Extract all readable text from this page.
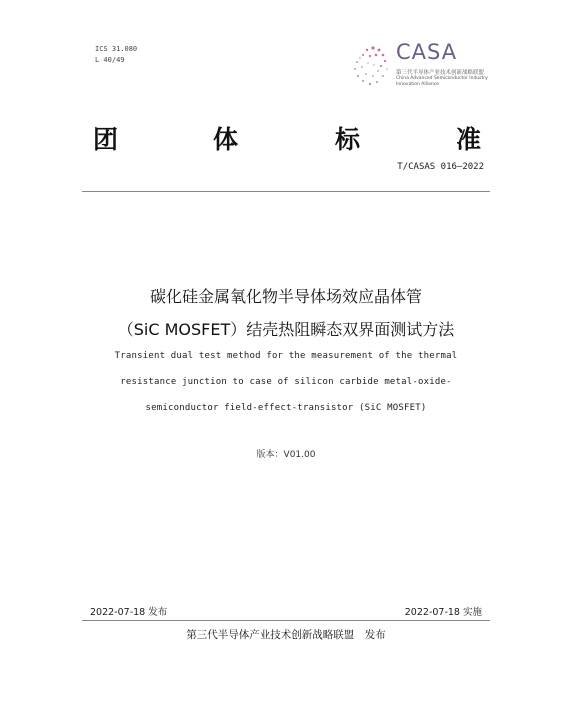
ICS 31.080
L 40/49	CASA
第三代半导体产业技术创新战略联盟
China Advanced Semiconductor Industry
Innovation Alliance
团	体	标	准
T/CASAS 016—2022
碳化硅金属氧化物半导体场效应晶体管
（SiC MOSFET）结壳热阻瞬态双界面测试方法
Transient dual test method for the measurement of the thermal
resistance junction to case of silicon carbide metal-oxide-
semiconductor field-effect-transistor (SiC MOSFET)
版本：V01.00
2022-07-18 发布	2022-07-18 实施
第三代半导体产业技术创新战略联盟　发布
